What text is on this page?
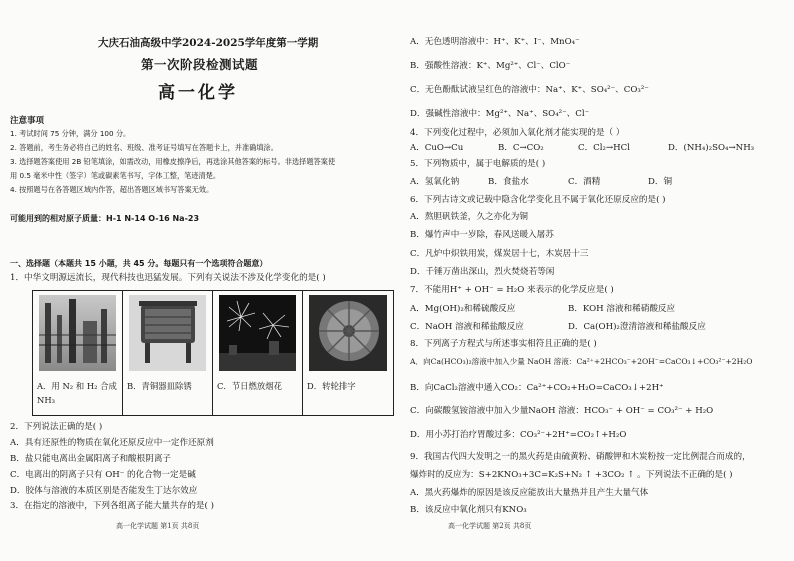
大庆石油高级中学2024-2025学年度第一学期
第一次阶段检测试题
高一化学
注意事项
1. 考试时间 75 分钟，满分 100 分。
2. 答题前，考生务必将自己的姓名、班级、准考证号填写在答题卡上，并准确填涂。
3. 选择题答案使用 2B 铅笔填涂，如需改动，用橡皮擦净后，再选涂其他答案的标号。非选择题答案使
用 0.5 毫米中性（签字）笔或碳素笔书写，字体工整，笔迹清楚。
4. 按照题号在各答题区域内作答，超出答题区域书写答案无效。
可能用到的相对原子质量：H-1 N-14 O-16 Na-23
一、选择题（本题共 15 小题，共 45 分。每题只有一个选项符合题意）
1．中华文明源远流长，现代科技也迅猛发展。下列有关说法不涉及化学变化的是( )
A．用 N₂ 和 H₂ 合成 NH₃
B．青铜器皿除锈	C．节日燃放烟花	D．转轮排字
2．下列说法正确的是( )
A．具有还原性的物质在氧化还原反应中一定作还原剂
B．盐只能电离出金属阳离子和酸根阴离子
C．电离出的阴离子只有 OH⁻ 的化合物一定是碱
D．胶体与溶液的本质区别是否能发生丁达尔效应
3．在指定的溶液中，下列各组离子能大量共存的是( )
高一化学试题 第1页 共8页
A．无色透明溶液中：H⁺、K⁺、I⁻、MnO₄⁻
B．强酸性溶液：K⁺、Mg²⁺、Cl⁻、ClO⁻
C．无色酚酞试液呈红色的溶液中：Na⁺、K⁺、SO₄²⁻、CO₃²⁻
D．强碱性溶液中：Mg²⁺、Na⁺、SO₄²⁻、Cl⁻
4．下列变化过程中，必须加入氧化剂才能实现的是（ ）
A．CuO→Cu	B．C→CO₂	C．Cl₂→HCl	D．(NH₄)₂SO₄→NH₃
5．下列物质中，属于电解质的是( )
A．氢氧化钠	B．食盐水	C．酒精	D．铜
6．下列古诗文或记载中隐含化学变化且不属于氧化还原反应的是( )
A．熬胆矾铁釜，久之亦化为铜
B．爆竹声中一岁除，春风送暖入屠苏
C．凡炉中炽铁用炭，煤炭居十七，木炭居十三
D．千锤万凿出深山，烈火焚烧若等闲
7．不能用H⁺ + OH⁻ = H₂O 来表示的化学反应是( )
A．Mg(OH)₂和稀硫酸反应	B．KOH 溶液和稀硝酸反应
C．NaOH 溶液和稀盐酸反应	D．Ca(OH)₂澄清溶液和稀盐酸反应
8．下列离子方程式与所述事实相符且正确的是( )
A．向Ca(HCO₃)₂溶液中加入少量 NaOH 溶液：Ca²⁺+2HCO₃⁻+2OH⁻=CaCO₃↓+CO₃²⁻+2H₂O
B．向CaCl₂溶液中通入CO₂：Ca²⁺+CO₂+H₂O=CaCO₃↓+2H⁺
C．向碳酸氢铵溶液中加入少量NaOH 溶液：HCO₃⁻ + OH⁻ = CO₃²⁻ + H₂O
D．用小苏打治疗胃酸过多：CO₃²⁻+2H⁺=CO₂↑+H₂O
9．我国古代四大发明之一的黑火药是由硫黄粉、硝酸钾和木炭粉按一定比例混合而成的，
爆炸时的反应为：S+2KNO₃+3C=K₂S+N₂ ↑ +3CO₂ ↑ 。下列说法不正确的是( )
A．黑火药爆炸的原因是该反应能放出大量热并且产生大量气体
B．该反应中氧化剂只有KNO₃
高一化学试题 第2页 共8页
